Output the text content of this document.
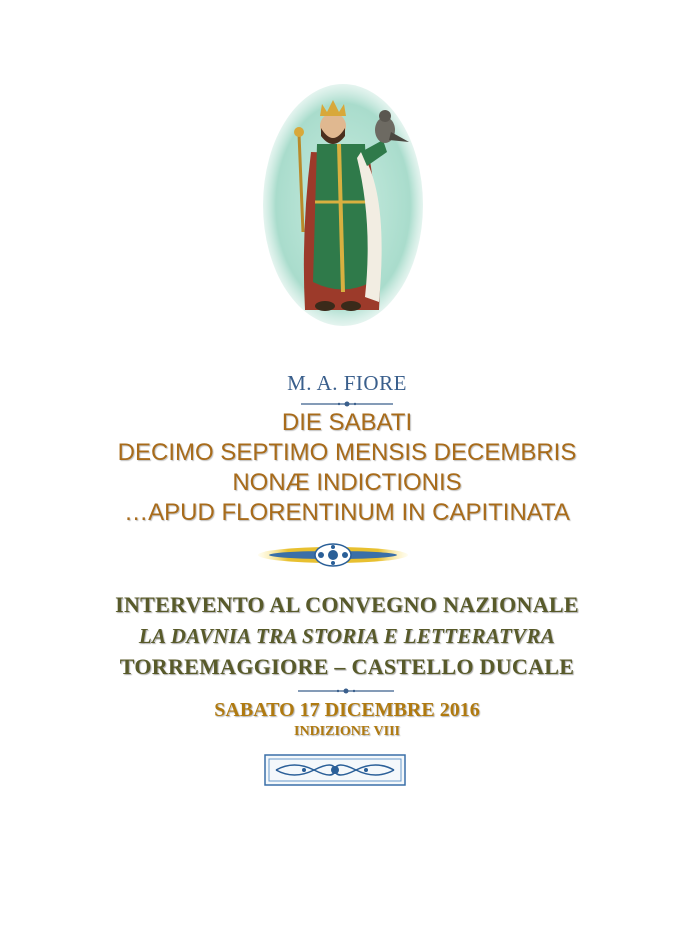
M. A. FIORE
DIE SABATI
DECIMO SEPTIMO MENSIS DECEMBRIS
NONÆ INDICTIONIS
…APUD FLORENTINUM IN CAPITINATA
INTERVENTO AL CONVEGNO NAZIONALE
LA DAVNIA TRA STORIA E LETTERATVRA
TORREMAGGIORE – CASTELLO DUCALE
SABATO 17 DICEMBRE 2016
INDIZIONE VIII
